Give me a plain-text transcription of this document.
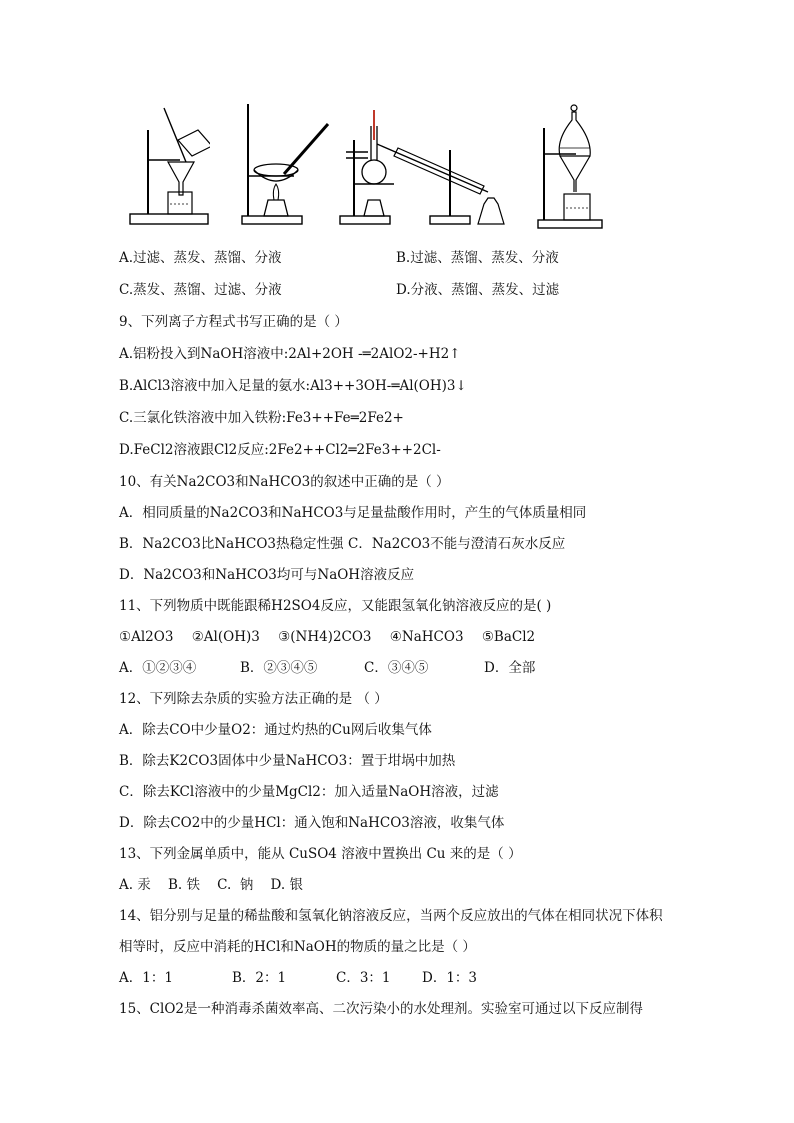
A.过滤、蒸发、蒸馏、分液	B.过滤、蒸馏、蒸发、分液
C.蒸发、蒸馏、过滤、分液	D.分液、蒸馏、蒸发、过滤
9、下列离子方程式书写正确的是（ ）
A.铝粉投入到NaOH溶液中:2Al+2OH -═2AlO2-+H2↑
B.AlCl3溶液中加入足量的氨水:Al3++3OH-═Al(OH)3↓
C.三氯化铁溶液中加入铁粉:Fe3++Fe═2Fe2+
D.FeCl2溶液跟Cl2反应:2Fe2++Cl2═2Fe3++2Cl-
10、有关Na2CO3和NaHCO3的叙述中正确的是（ ）
A．相同质量的Na2CO3和NaHCO3与足量盐酸作用时，产生的气体质量相同
B．Na2CO3比NaHCO3热稳定性强 C．Na2CO3不能与澄清石灰水反应
D．Na2CO3和NaHCO3均可与NaOH溶液反应
11、下列物质中既能跟稀H2SO4反应，又能跟氢氧化钠溶液反应的是( )
①Al2O3 ②Al(OH)3 ③(NH4)2CO3 ④NaHCO3 ⑤BaCl2
A．①②③④	B．②③④⑤	C．③④⑤	D．全部
12、下列除去杂质的实验方法正确的是 （ ）
A．除去CO中少量O2：通过灼热的Cu网后收集气体
B．除去K2CO3固体中少量NaHCO3：置于坩埚中加热
C．除去KCl溶液中的少量MgCl2：加入适量NaOH溶液，过滤
D．除去CO2中的少量HCl：通入饱和NaHCO3溶液，收集气体
13、下列金属单质中，能从 CuSO4 溶液中置换出 Cu 来的是（ ）
A. 汞    B. 铁    C.  钠    D. 银
14、铝分别与足量的稀盐酸和氢氧化钠溶液反应，当两个反应放出的气体在相同状况下体积
相等时，反应中消耗的HCl和NaOH的物质的量之比是（ ）
A．1：1	B．2：1	C．3：1 D．1：3
15、ClO2是一种消毒杀菌效率高、二次污染小的水处理剂。实验室可通过以下反应制得
